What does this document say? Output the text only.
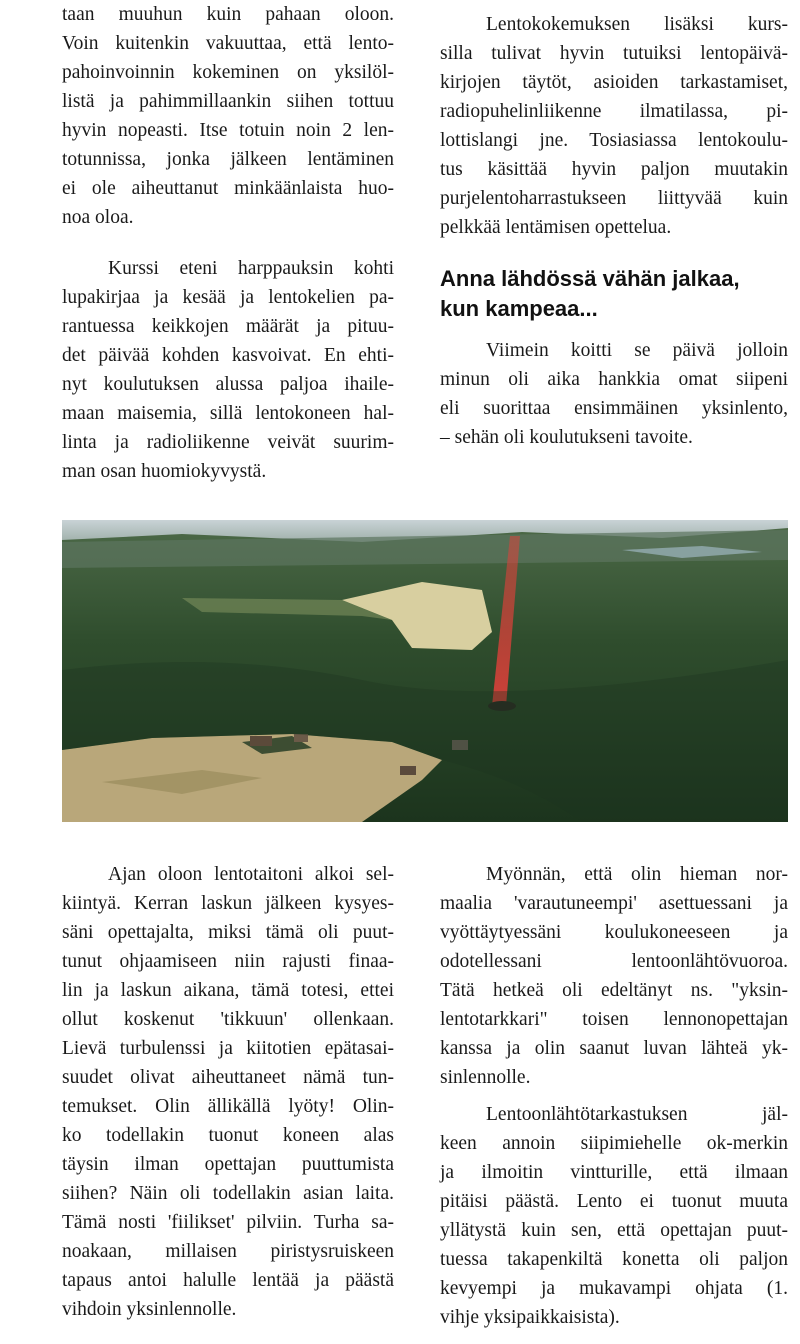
taan muuhun kuin pahaan oloon.
Voin kuitenkin vakuuttaa, että lento-
pahoinvoinnin kokeminen on yksilöl-
listä ja pahimmillaankin siihen tottuu
hyvin nopeasti. Itse totuin noin 2 len-
totunnissa, jonka jälkeen lentäminen
ei ole aiheuttanut minkäänlaista huo-
noa oloa.

Kurssi eteni harppauksin kohti
lupakirjaa ja kesää ja lentokelien pa-
rantuessa keikkojen määrät ja pituu-
det päivää kohden kasvoivat. En ehti-
nyt koulutuksen alussa paljoa ihaile-
maan maisemia, sillä lentokoneen hal-
linta ja radioliikenne veivät suurim-
man osan huomiokyvystä.

Lentokokemuksen lisäksi kurs-
silla tulivat hyvin tutuiksi lentopäivä-
kirjojen täytöt, asioiden tarkastamiset,
radiopuhelinliikenne ilmatilassa, pi-
lottislangi jne. Tosiasiassa lentokoulu-
tus käsittää hyvin paljon muutakin
purjelentoharrastukseen liittyvää kuin
pelkkää lentämisen opettelua.

Anna lähdössä vähän jalkaa,
kun kampeaa...

Viimein koitti se päivä jolloin
minun oli aika hankkia omat siipeni
eli suorittaa ensimmäinen yksinlento,
– sehän oli koulutukseni tavoite.

Ajan oloon lentotaitoni alkoi sel-
kiintyä. Kerran laskun jälkeen kysyes-
säni opettajalta, miksi tämä oli puut-
tunut ohjaamiseen niin rajusti finaa-
lin ja laskun aikana, tämä totesi, ettei
ollut koskenut 'tikkuun' ollenkaan.
Lievä turbulenssi ja kiitotien epätasai-
suudet olivat aiheuttaneet nämä tun-
temukset. Olin ällikällä lyöty! Olin-
ko todellakin tuonut koneen alas
täysin ilman opettajan puuttumista
siihen? Näin oli todellakin asian laita.
Tämä nosti 'fiilikset' pilviin. Turha sa-
noakaan, millaisen piristysruiskeen
tapaus antoi halulle lentää ja päästä
vihdoin yksinlennolle.

Myönnän, että olin hieman nor-
maalia 'varautuneempi' asettuessani ja
vyöttäytyessäni koulukoneeseen ja
odotellessani lentoonlähtövuoroa.
Tätä hetkeä oli edeltänyt ns. "yksin-
lentotarkkari" toisen lennonopettajan
kanssa ja olin saanut luvan lähteä yk-
sinlennolle.

Lentoonlähtötarkastuksen jäl-
keen annoin siipimiehelle ok-merkin
ja ilmoitin vintturille, että ilmaan
pitäisi päästä. Lento ei tuonut muuta
yllätystä kuin sen, että opettajan puut-
tuessa takapenkiltä konetta oli paljon
kevyempi ja mukavampi ohjata (1.
vihje yksipaikkaisista).
